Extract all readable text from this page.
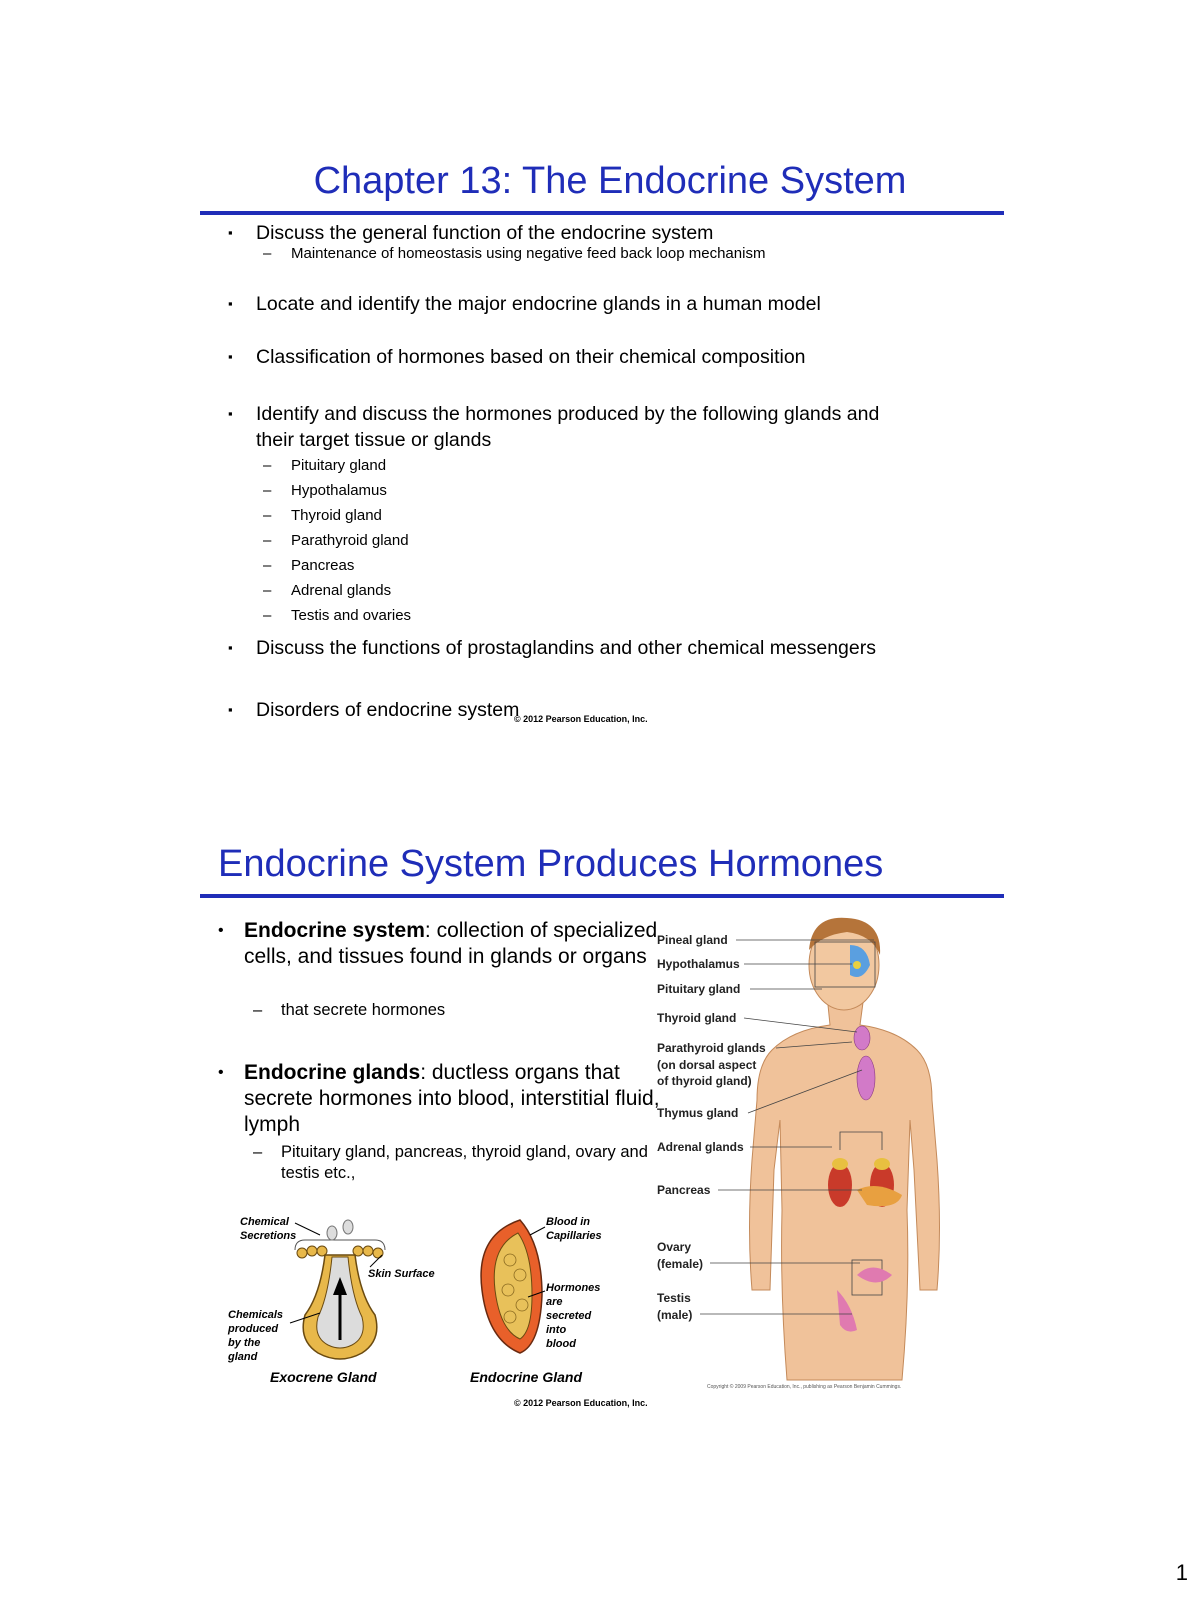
Chapter 13: The Endocrine System
▪ Discuss the general function of the endocrine system
– Maintenance of homeostasis using negative feed back loop mechanism
▪ Locate and identify the major endocrine glands in a human model
▪ Classification of hormones based on their chemical composition
▪ Identify and discuss the hormones produced by the following glands and
their target tissue or glands
– Pituitary gland
– Hypothalamus
– Thyroid gland
– Parathyroid gland
– Pancreas
– Adrenal glands
– Testis and ovaries
▪ Discuss the functions of prostaglandins and other chemical messengers
▪ Disorders of endocrine system
© 2012 Pearson Education, Inc.
Endocrine System Produces Hormones
• Endocrine system: collection of specialized cells, and tissues found in glands or organs
– that secrete hormones
• Endocrine glands: ductless organs that secrete hormones into blood, interstitial fluid, lymph
– Pituitary gland, pancreas, thyroid gland, ovary and testis etc.,
Chemical Secretions
Skin Surface
Chemicals produced by the gland
Exocrene Gland
Blood in Capillaries
Hormones are secreted into blood
Endocrine Gland
Pineal gland
Hypothalamus
Pituitary gland
Thyroid gland
Parathyroid glands
(on dorsal aspect
of thyroid gland)
Thymus gland
Adrenal glands
Pancreas
Ovary
(female)
Testis
(male)
Copyright © 2009 Pearson Education, Inc., publishing as Pearson Benjamin Cummings.
© 2012 Pearson Education, Inc.
1
